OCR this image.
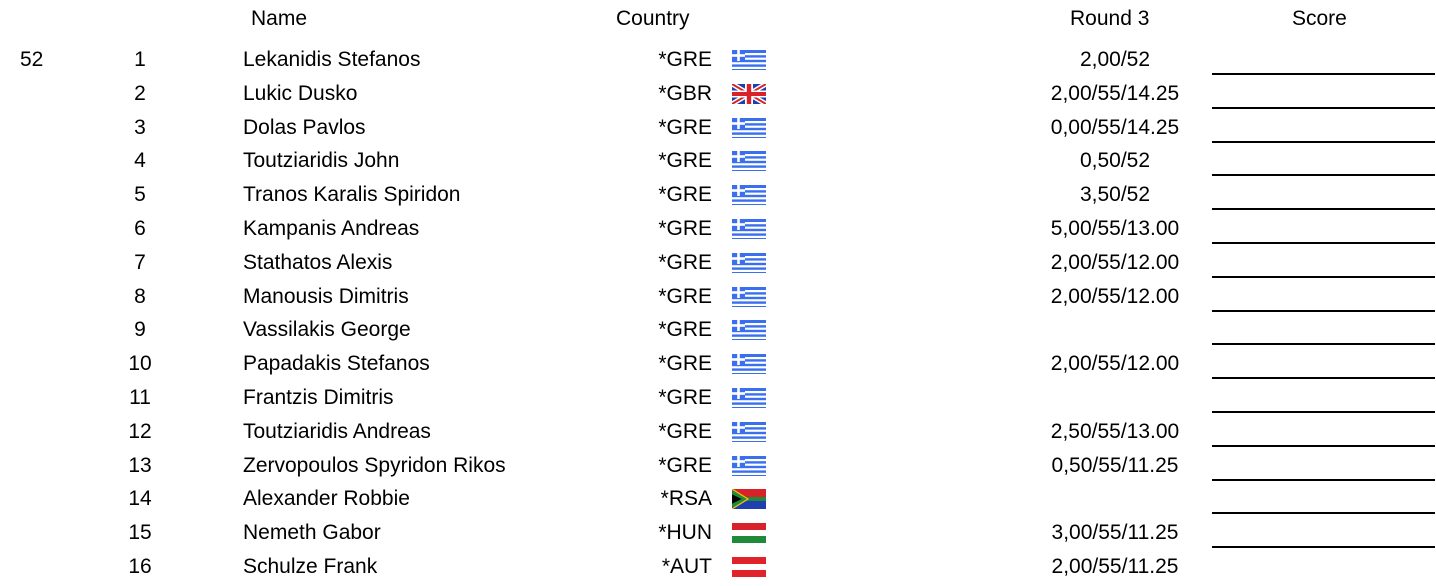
Name	Country	Round 3	Score
52	1	Lekanidis Stefanos	*GRE	2,00/52
2	Lukic Dusko	*GBR	2,00/55/14.25
3	Dolas Pavlos	*GRE	0,00/55/14.25
4	Toutziaridis John	*GRE	0,50/52
5	Tranos Karalis Spiridon	*GRE	3,50/52
6	Kampanis Andreas	*GRE	5,00/55/13.00
7	Stathatos Alexis	*GRE	2,00/55/12.00
8	Manousis Dimitris	*GRE	2,00/55/12.00
9	Vassilakis George	*GRE
10	Papadakis Stefanos	*GRE	2,00/55/12.00
11	Frantzis Dimitris	*GRE
12	Toutziaridis Andreas	*GRE	2,50/55/13.00
13	Zervopoulos Spyridon Rikos	*GRE	0,50/55/11.25
14	Alexander Robbie	*RSA
15	Nemeth Gabor	*HUN	3,00/55/11.25
16	Schulze Frank	*AUT	2,00/55/11.25
